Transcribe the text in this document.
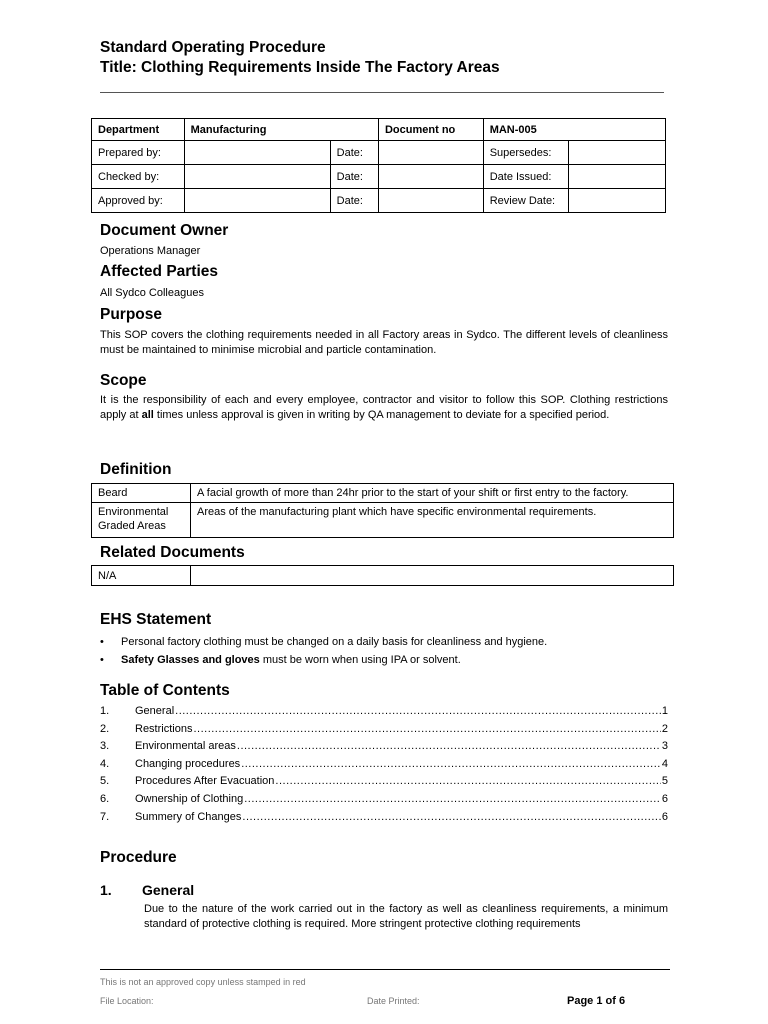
Standard Operating Procedure
Title: Clothing Requirements Inside The Factory Areas
Department	Manufacturing		Document no	MAN-005	
Prepared by:		Date:		Supersedes:	
Checked by:		Date:		Date Issued:	
Approved by:		Date:		Review Date:	
Document Owner
Operations Manager
Affected Parties
All Sydco Colleagues
Purpose
This SOP covers the clothing requirements needed in all Factory areas in Sydco. The different levels of cleanliness must be maintained to minimise microbial and particle contamination.
Scope
It is the responsibility of each and every employee, contractor and visitor to follow this SOP. Clothing restrictions apply at all times unless approval is given in writing by QA management to deviate for a specified period.
Definition
Beard	A facial growth of more than 24hr prior to the start of your shift or first entry to the factory.
Environmental Graded Areas	Areas of the manufacturing plant which have specific environmental requirements.
Related Documents
N/A	
EHS Statement
• Personal factory clothing must be changed on a daily basis for cleanliness and hygiene.
• Safety Glasses and gloves must be worn when using IPA or solvent.
Table of Contents
1.	General .....	1
2.	Restrictions .....	2
3.	Environmental areas .....	3
4.	Changing procedures .....	4
5.	Procedures After Evacuation .....	5
6.	Ownership of Clothing .....	6
7.	Summery of Changes .....	6
Procedure
1. General
Due to the nature of the work carried out in the factory as well as cleanliness requirements, a minimum standard of protective clothing is required. More stringent protective clothing requirements
This is not an approved copy unless stamped in red
File Location:	Date Printed:	Page 1 of 6
